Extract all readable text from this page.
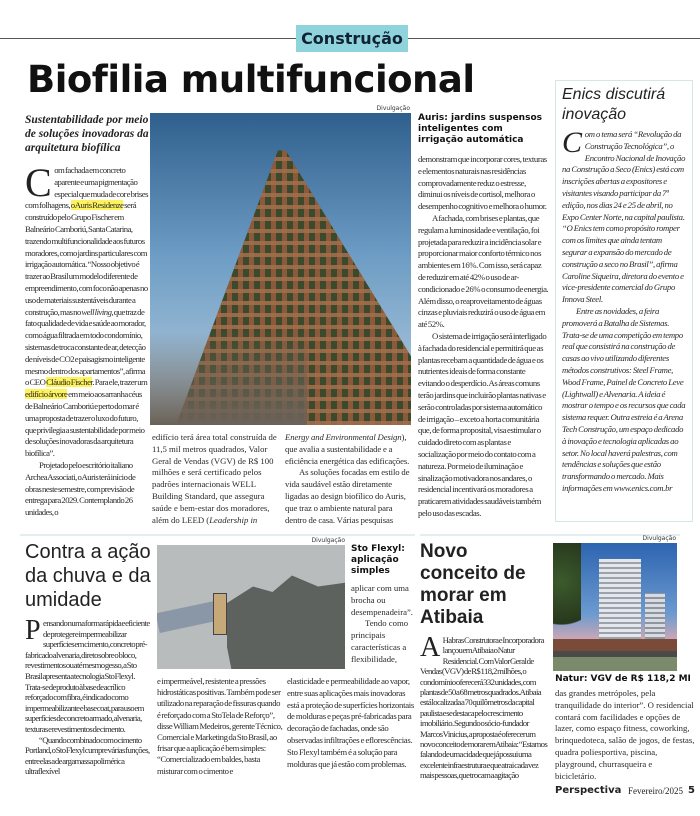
Construção
Biofilia multifuncional
Sustentabilidade por meio de soluções inovadoras da arquitetura biofílica

Com fachada em concreto aparente e uma pigmentação especial que muda de cor e brises com folhagens, o Auris Residenze será construído pelo Grupo Fischer em Balneário Camboriú, Santa Catarina, trazendo multifuncionalidade aos futuros moradores, como jardins particulares com irrigação automática. “Nosso objetivo é trazer ao Brasil um modelo diferente de empreendimento, com foco não apenas no uso de materiais sustentáveis durante a construção, mas no well living, que traz de fato qualidade de vida e saúde ao morador, como água filtrada em todo condomínio, sistemas de troca constante de ar, detecção de níveis de CO2 e paisagismo inteligente mesmo dentro dos apartamentos”, afirma o CEO Cláudio Fischer. Para ele, trazer um edifício árvore em meio aos arranha céus de Balneário Camboriú e perto do mar é uma proposta de trazer o luxo do futuro, que privilegia a sustentabilidade por meio de soluções inovadoras da arquitetura biofílica”.

Projetado pelo escritório italiano Archea Associati, o Auris terá início de obras neste semestre, com previsão de entrega para 2029. Contemplando 26 unidades, o

Divulgação
edifício terá área total construída de 11,5 mil metros quadrados, Valor Geral de Vendas (VGV) de R$ 100 milhões e será certificado pelos padrões internacionais WELL Building Standard, que assegura saúde e bem-estar dos moradores, além do LEED (Leadership in

Energy and Environmental Design), que avalia a sustentabilidade e a eficiência energética das edificações.

As soluções focadas em estilo de vida saudável estão diretamente ligadas ao design biofílico do Auris, que traz o ambiente natural para dentro de casa. Várias pesquisas

Auris: jardins suspensos inteligentes com irrigação automática

demonstram que incorporar cores, texturas e elementos naturais nas residências comprovadamente reduz o estresse, diminui os níveis de cortisol, melhora o desempenho cognitivo e melhora o humor.

A fachada, com brises e plantas, que regulam a luminosidade e ventilação, foi projetada para reduzir a incidência solar e proporcionar maior conforto térmico nos ambientes em 16%. Com isso, será capaz de reduzir em até 42% o uso de ar-condicionado e 26% o consumo de energia. Além disso, o reaproveitamento de águas cinzas e pluviais reduzirá o uso de água em até 52%.

O sistema de irrigação será interligado à fachada do residencial e permitirá que as plantas recebam a quantidade de água e os nutrientes ideais de forma constante evitando o desperdício. As áreas comuns terão jardins que incluirão plantas nativas e serão controladas por sistema automático de irrigação – exceto a horta comunitária que, de forma proposital, visa estimular o cuidado direto com as plantas e socialização por meio do contato com a natureza. Por meio de iluminação e sinalização motivadora nos andares, o residencial incentivará os moradores a praticarem atividades saudáveis também pelo uso das escadas.

Enics discutirá inovação

Com o tema será “Revolução da Construção Tecnológica”, o Encontro Nacional de Inovação na Construção a Seco (Enics) está com inscrições abertas a expositores e visitantes visando participar da 7ª edição, nos dias 24 e 25 de abril, no Expo Center Norte, na capital paulista. “O Enics tem como propósito romper com os limites que ainda tentam segurar a expansão do mercado de construção a seco no Brasil”, afirma Caroline Siqueira, diretora do evento e vice-presidente comercial do Grupo Innova Steel.

Entre as novidades, a feira promoverá a Batalha de Sistemas. Trata-se de uma competição em tempo real que consistirá na construção de casas ao vivo utilizando diferentes métodos construtivos: Steel Frame, Wood Frame, Painel de Concreto Leve (Lightwall) e Alvenaria. A ideia é mostrar o tempo e os recursos que cada sistema requer. Outra estreia é a Arena Tech Construção, um espaço dedicado à inovação e tecnologia aplicadas ao setor. No local haverá palestras, com tendências e soluções que estão transformando o mercado. Mais informações em www.enics.com.br

Contra a ação da chuva e da umidade

Pensando numa forma rápida e eficiente de proteger e impermeabilizar superfícies em cimento, concreto pré-fabricado alvenaria, direto sobre o bloco, revestimentos ou até mesmo gesso, a Sto Brasil apresenta a tecnologia Sto Flexyl. Trata-se de produto à base de acrílico reforçado com fibra, é indicado como impermeabilizante e base coat, para uso em superfícies de concreto armado, alvenaria, texturas e revestimentos de cimento.

“Quando combinado com o cimento Portland, o Sto Flexyl cumpre várias funções, entre elas a de argamassa polimérica ultraflexível

Divulgação
Sto Flexyl: aplicação simples

aplicar com uma brocha ou desempenadeira”.

Tendo como principais características a flexibilidade,

e impermeável, resistente a pressões hidrostáticas positivas. Também pode ser utilizado na reparação de fissuras quando é reforçado com a StoTela de Reforço”, disse William Medeiros, gerente Técnico, Comercial e Marketing da Sto Brasil, ao frisar que a aplicação é bem simples: “Comercializado em baldes, basta misturar com o cimento e
elasticidade e permeabilidade ao vapor, entre suas aplicações mais inovadoras está a proteção de superfícies horizontais de molduras e peças pré-fabricadas para decoração de fachadas, onde são observadas infiltrações e eflorescências. Sto Flexyl também é a solução para molduras que já estão com problemas.
Novo conceito de morar em Atibaia

A Habras Construtora e Incorporadora lançou em Atibaia o Natur Residencial. Com Valor Geral de Vendas (VGV) de R$ 118,2 milhões, o condomínio oferecerá 332 unidades, com plantas de 50 a 68 metros quadrados. Atibaia está localizada a 70 quilômetros da capital paulista e se destaca pelo crescimento imobiliário. Segundo o sócio-fundador Marcos Vinicius, a proposta é oferecer um novo conceito de morar em Atibaia: “Estamos falando de uma cidade que já possui uma excelente infraestrutura e que atrai cada vez mais pessoas, que trocam a agitação

Divulgação
Natur: VGV de R$ 118,2 MI
das grandes metrópoles, pela tranquilidade do interior”. O residencial contará com facilidades e opções de lazer, como espaço fitness, coworking, brinquedoteca, salão de jogos, de festas, quadra poliesportiva, piscina, playground, churrasqueira e bicicletário.
Perspectiva Fevereiro/2025 5
